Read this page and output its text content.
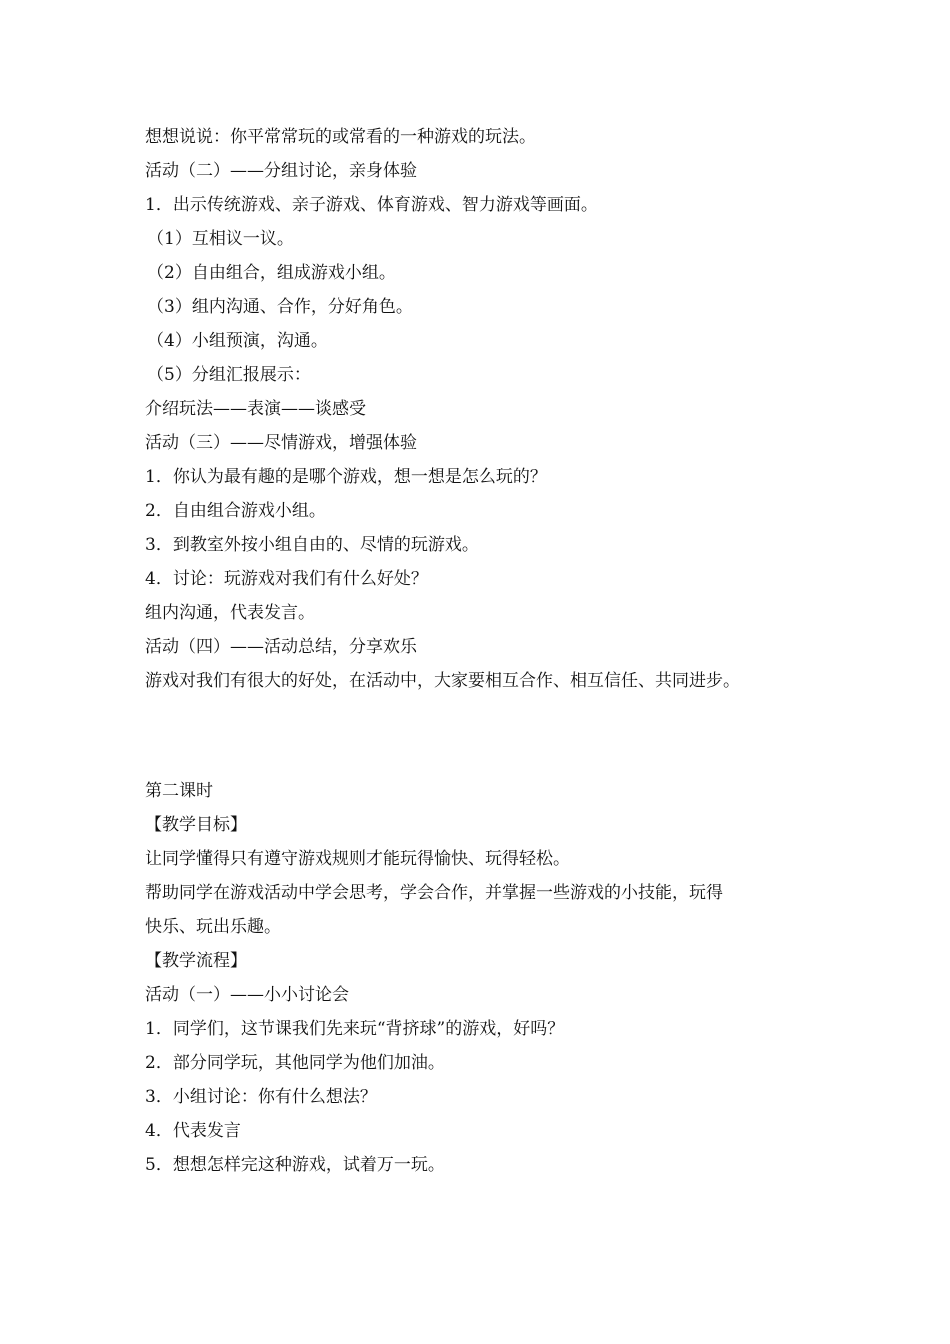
想想说说：你平常常玩的或常看的一种游戏的玩法。
活动（二）——分组讨论，亲身体验
1．出示传统游戏、亲子游戏、体育游戏、智力游戏等画面。
（1）互相议一议。
（2）自由组合，组成游戏小组。
（3）组内沟通、合作，分好角色。
（4）小组预演，沟通。
（5）分组汇报展示：
介绍玩法——表演——谈感受
活动（三）——尽情游戏，增强体验
1．你认为最有趣的是哪个游戏，想一想是怎么玩的？
2．自由组合游戏小组。
3．到教室外按小组自由的、尽情的玩游戏。
4．讨论：玩游戏对我们有什么好处？
组内沟通，代表发言。
活动（四）——活动总结，分享欢乐
游戏对我们有很大的好处，在活动中，大家要相互合作、相互信任、共同进步。
第二课时
【教学目标】
让同学懂得只有遵守游戏规则才能玩得愉快、玩得轻松。
帮助同学在游戏活动中学会思考，学会合作，并掌握一些游戏的小技能，玩得
快乐、玩出乐趣。
【教学流程】
活动（一）——小小讨论会
1．同学们，这节课我们先来玩“背挤球”的游戏，好吗？
2．部分同学玩，其他同学为他们加油。
3．小组讨论：你有什么想法？
4．代表发言
5．想想怎样完这种游戏，试着万一玩。
